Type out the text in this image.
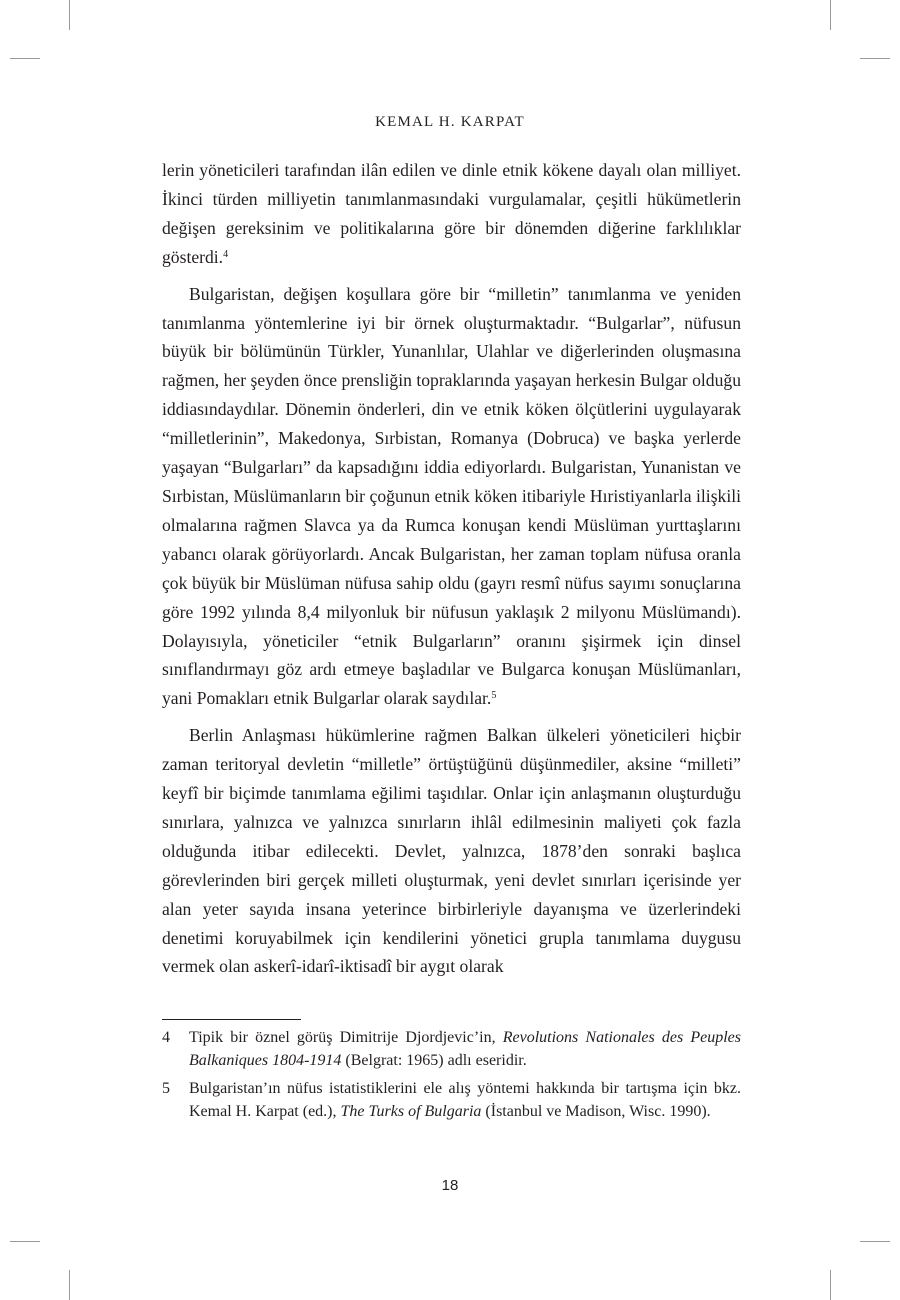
KEMAL H. KARPAT

lerin yöneticileri tarafından ilân edilen ve dinle etnik kökene dayalı olan milliyet. İkinci türden milliyetin tanımlanmasındaki vurgulamalar, çeşitli hükümetlerin değişen gereksinim ve politikalarına göre bir dönemden diğerine farklılıklar gösterdi.$^4$

Bulgaristan, değişen koşullara göre bir “milletin” tanımlanma ve yeniden tanımlanma yöntemlerine iyi bir örnek oluşturmaktadır. “Bulgarlar”, nüfusun büyük bir bölümünün Türkler, Yunanlılar, Ulahlar ve diğerlerinden oluşmasına rağmen, her şeyden önce prensliğin topraklarında yaşayan herkesin Bulgar olduğu iddiasındaydılar. Dönemin önderleri, din ve etnik köken ölçütlerini uygulayarak “milletlerinin”, Makedonya, Sırbistan, Romanya (Dobruca) ve başka yerlerde yaşayan “Bulgarları” da kapsadığını iddia ediyorlardı. Bulgaristan, Yunanistan ve Sırbistan, Müslümanların bir çoğunun etnik köken itibariyle Hıristiyanlarla ilişkili olmalarına rağmen Slavca ya da Rumca konuşan kendi Müslüman yurttaşlarını yabancı olarak görüyorlardı. Ancak Bulgaristan, her zaman toplam nüfusa oranla çok büyük bir Müslüman nüfusa sahip oldu (gayrı resmî nüfus sayımı sonuçlarına göre 1992 yılında 8,4 milyonluk bir nüfusun yaklaşık 2 milyonu Müslümandı). Dolayısıyla, yöneticiler “etnik Bulgarların” oranını şişirmek için dinsel sınıflandırmayı göz ardı etmeye başladılar ve Bulgarca konuşan Müslümanları, yani Pomakları etnik Bulgarlar olarak saydılar.$^5$

Berlin Anlaşması hükümlerine rağmen Balkan ülkeleri yöneticileri hiçbir zaman teritoryal devletin “milletle” örtüştüğünü düşünmediler, aksine “milleti” keyfî bir biçimde tanımlama eğilimi taşıdılar. Onlar için anlaşmanın oluşturduğu sınırlara, yalnızca ve yalnızca sınırların ihlâl edilmesinin maliyeti çok fazla olduğunda itibar edilecekti. Devlet, yalnızca, 1878’den sonraki başlıca görevlerinden biri gerçek milleti oluşturmak, yeni devlet sınırları içerisinde yer alan yeter sayıda insana yeterince birbirleriyle dayanışma ve üzerlerindeki denetimi koruyabilmek için kendilerini yönetici grupla tanımlama duygusu vermek olan askerî-idarî-iktisadî bir aygıt olarak

4	Tipik bir öznel görüş Dimitrije Djordjevic’in, Revolutions Nationales des Peuples Balkaniques 1804-1914 (Belgrat: 1965) adlı eseridir.
5	Bulgaristan’ın nüfus istatistiklerini ele alış yöntemi hakkında bir tartışma için bkz. Kemal H. Karpat (ed.), The Turks of Bulgaria (İstanbul ve Madison, Wisc. 1990).
18
